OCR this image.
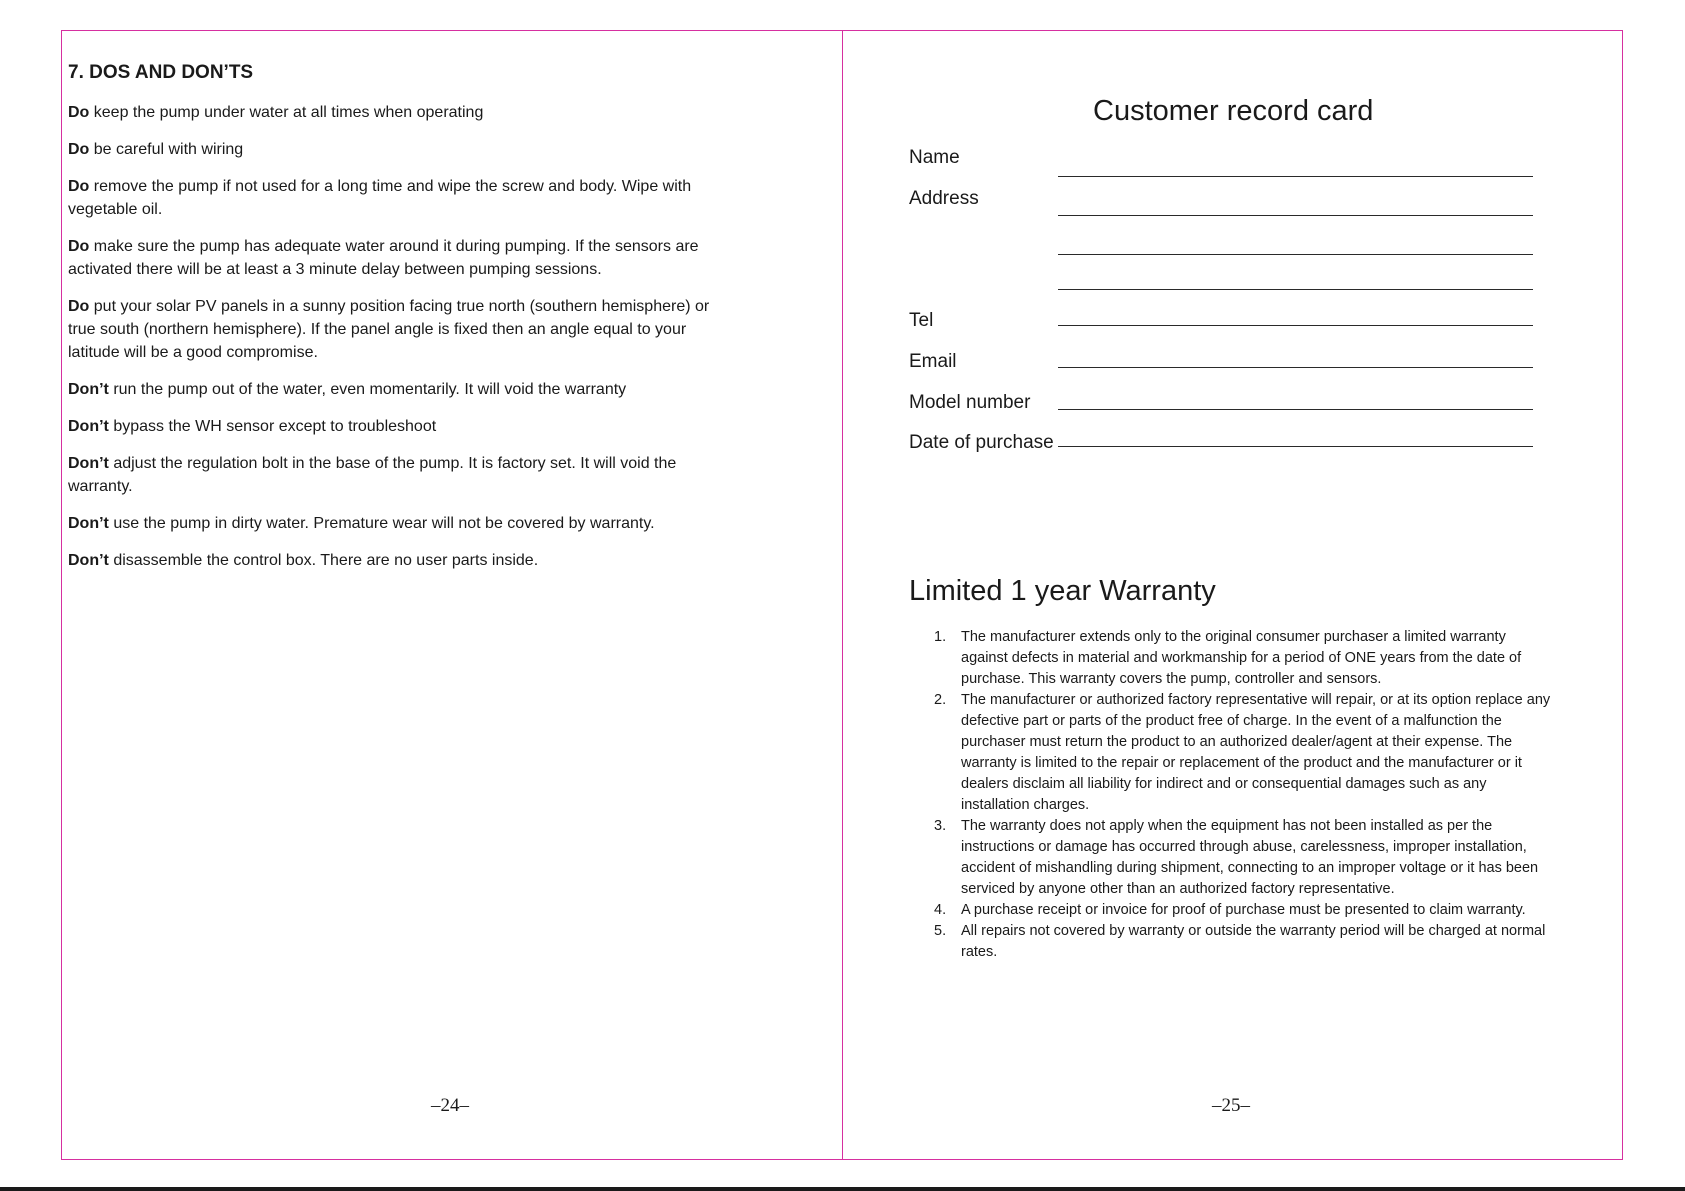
7. DOS AND DON’TS

Do keep the pump under water at all times when operating

Do be careful with wiring

Do remove the pump if not used for a long time and wipe the screw and body. Wipe with vegetable oil.

Do make sure the pump has adequate water around it during pumping. If the sensors are activated there will be at least a 3 minute delay between pumping sessions.

Do put your solar PV panels in a sunny position facing true north (southern hemisphere) or true south (northern hemisphere). If the panel angle is fixed then an angle equal to your latitude will be a good compromise.

Don’t run the pump out of the water, even momentarily. It will void the warranty

Don’t bypass the WH sensor except to troubleshoot

Don’t adjust the regulation bolt in the base of the pump. It is factory set. It will void the warranty.

Don’t use the pump in dirty water. Premature wear will not be covered by warranty.

Don’t disassemble the control box. There are no user parts inside.

–24–
Customer record card
Name
Address
Tel
Email
Model number
Date of purchase
Limited 1 year Warranty
1. The manufacturer extends only to the original consumer purchaser a limited warranty against defects in material and workmanship for a period of ONE years from the date of purchase. This warranty covers the pump, controller and sensors.
2. The manufacturer or authorized factory representative will repair, or at its option replace any defective part or parts of the product free of charge. In the event of a malfunction the purchaser must return the product to an authorized dealer/agent at their expense. The warranty is limited to the repair or replacement of the product and the manufacturer or it dealers disclaim all liability for indirect and or consequential damages such as any installation charges.
3. The warranty does not apply when the equipment has not been installed as per the instructions or damage has occurred through abuse, carelessness, improper installation, accident of mishandling during shipment, connecting to an improper voltage or it has been serviced by anyone other than an authorized factory representative.
4. A purchase receipt or invoice for proof of purchase must be presented to claim warranty.
5. All repairs not covered by warranty or outside the warranty period will be charged at normal rates.
–25–
